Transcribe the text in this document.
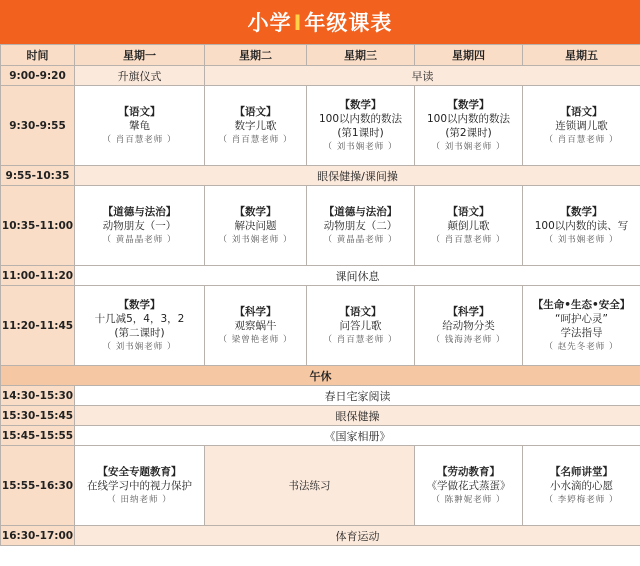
小学I年级课表
时间	星期一	星期二	星期三	星期四	星期五
9:00-9:20	升旗仪式	早读			
9:30-9:55	【语文】
鞶龟
（ 肖百慧老师 ）	【语文】
数字儿歌
（ 肖百慧老师 ）	【数学】
100以内数的数法
(第1课时)
（ 刘书娴老师 ）	【数学】
100以内数的数法
(第2课时)
（ 刘书娴老师 ）	【语文】
连锁调儿歌
（ 肖百慧老师 ）

9:55-10:35	眼保健操/课间操				
10:35-11:00	【道德与法治】
动物朋友（一）
（ 黄晶晶老师 ）	【数学】
解决问题
（ 刘书娴老师 ）	【道德与法治】
动物朋友（二）
（ 黄晶晶老师 ）	【语文】
颠倒儿歌
（ 肖百慧老师 ）	【数学】
100以内数的读、写
（ 刘书娴老师 ）

11:00-11:20	课间休息				
11:20-11:45	【数学】
十几减5，4，3，2
(第二课时)
（ 刘书娴老师 ）	【科学】
观察蜗牛
（ 梁曾艳老师 ）	【语文】
问答儿歌
（ 肖百慧老师 ）	【科学】
给动物分类
（ 钱海涛老师 ）	【生命•生态•安全】
“呵护心灵”
学法指导
（ 赵先冬老师 ）

午休					
14:30-15:30	春日宅家阅读				
15:30-15:45	眼保健操				
15:45-15:55	《国家相册》				
15:55-16:30	【安全专题教育】
在线学习中的视力保护
（ 田纳老师 ）	书法练习		【劳动教育】
《学做花式蒸蛋》
（ 陈翀妮老师 ）	【名师讲堂】
小水滴的心愿
（ 李婷梅老师 ）

16:30-17:00	体育运动				
